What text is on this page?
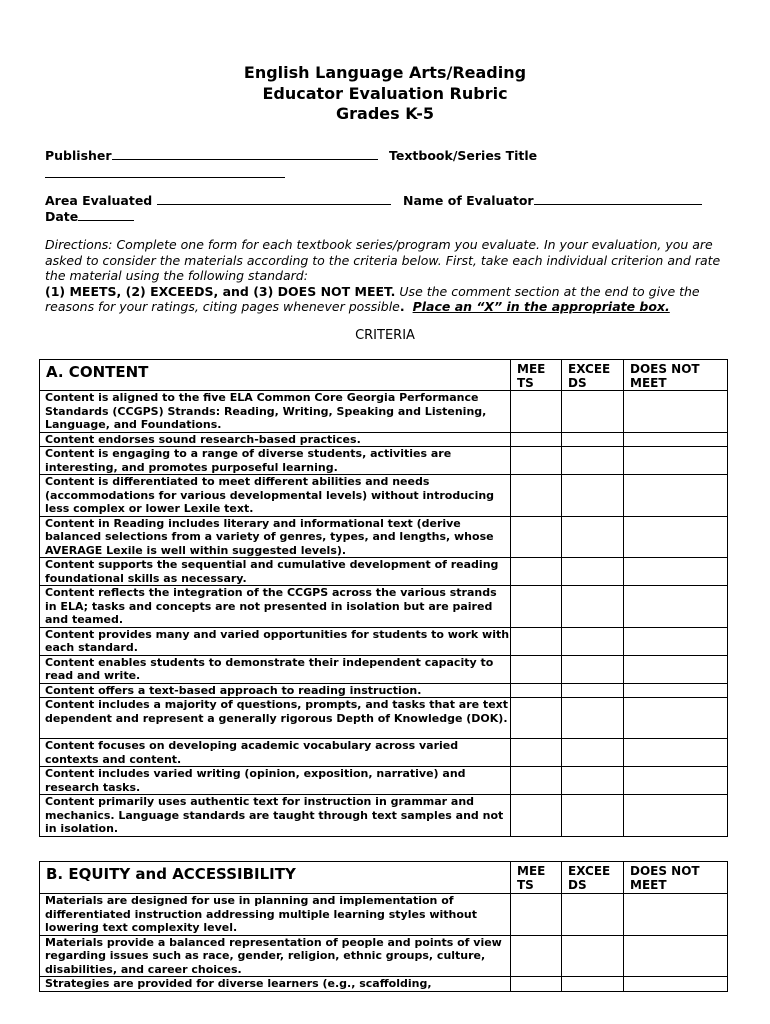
English Language Arts/Reading
Educator Evaluation Rubric
Grades K-5
Publisher	Textbook/Series Title
Area Evaluated	Name of Evaluator
Date
Directions: Complete one form for each textbook series/program you evaluate. In your evaluation, you are asked to consider the materials according to the criteria below. First, take each individual criterion and rate the material using the following standard:
(1) MEETS, (2) EXCEEDS, and (3) DOES NOT MEET. Use the comment section at the end to give the reasons for your ratings, citing pages whenever possible. Place an “X” in the appropriate box.
CRITERIA
A. CONTENT	MEE TS	EXCEE DS	DOES NOT MEET
Content is aligned to the five ELA Common Core Georgia Performance Standards (CCGPS) Strands: Reading, Writing, Speaking and Listening, Language, and Foundations.			
Content endorses sound research-based practices.			
Content is engaging to a range of diverse students, activities are interesting, and promotes purposeful learning.			
Content is differentiated to meet different abilities and needs (accommodations for various developmental levels) without introducing less complex or lower Lexile text.			
Content in Reading includes literary and informational text (derive balanced selections from a variety of genres, types, and lengths, whose AVERAGE Lexile is well within suggested levels).			
Content supports the sequential and cumulative development of reading foundational skills as necessary.			
Content reflects the integration of the CCGPS across the various strands in ELA; tasks and concepts are not presented in isolation but are paired and teamed.			
Content provides many and varied opportunities for students to work with each standard.			
Content enables students to demonstrate their independent capacity to read and write.			
Content offers a text-based approach to reading instruction.			
Content includes a majority of questions, prompts, and tasks that are text dependent and represent a generally rigorous Depth of Knowledge (DOK).			
Content focuses on developing academic vocabulary across varied contexts and content.			
Content includes varied writing (opinion, exposition, narrative) and research tasks.			
Content primarily uses authentic text for instruction in grammar and mechanics. Language standards are taught through text samples and not in isolation.			
B. EQUITY and ACCESSIBILITY	MEE TS	EXCEE DS	DOES NOT MEET
Materials are designed for use in planning and implementation of differentiated instruction addressing multiple learning styles without lowering text complexity level.			
Materials provide a balanced representation of people and points of view regarding issues such as race, gender, religion, ethnic groups, culture, disabilities, and career choices.			
Strategies are provided for diverse learners (e.g., scaffolding,			
